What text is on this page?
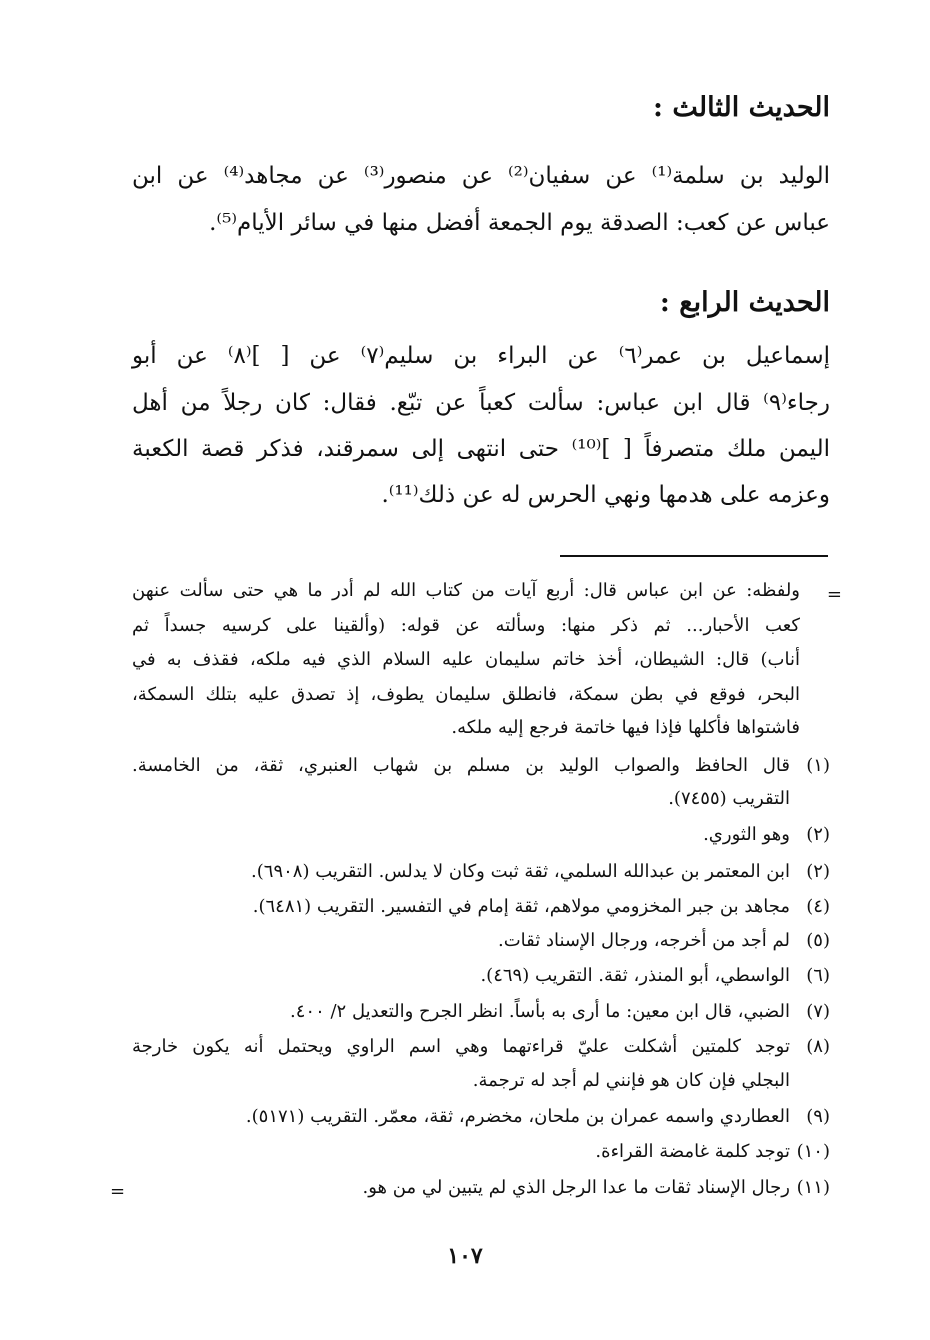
الحديث الثالث :
الوليد بن سلمة⁽¹⁾ عن سفيان⁽²⁾ عن منصور⁽³⁾ عن مجاهد⁽⁴⁾ عن ابن
عباس عن كعب: الصدقة يوم الجمعة أفضل منها في سائر الأيام⁽⁵⁾.
الحديث الرابع :
إسماعيل بن عمر⁽٦⁾ عن البراء بن سليم⁽٧⁾ عن [ ]⁽٨⁾ عن أبو
رجاء⁽٩⁾ قال ابن عباس: سألت كعباً عن تبّع. فقال: كان رجلاً من أهل
اليمن ملك متصرفاً [ ]⁽¹⁰⁾ حتى انتهى إلى سمرقند، فذكر قصة الكعبة
وعزمه على هدمها ونهي الحرس له عن ذلك⁽¹¹⁾.
=
ولفظه: عن ابن عباس قال: أربع آيات من كتاب الله لم أدر ما هي حتى سألت عنهن
كعب الأحبار... ثم ذكر منها: وسألته عن قوله: (وألقينا على كرسيه جسداً ثم
أناب) قال: الشيطان، أخذ خاتم سليمان عليه السلام الذي فيه ملكه، فقذف به في
البحر، فوقع في بطن سمكة، فانطلق سليمان يطوف، إذ تصدق عليه بتلك السمكة،
فاشتواها فأكلها فإذا فيها خاتمة فرجع إليه ملكه.
(١)
قال الحافظ والصواب الوليد بن مسلم بن شهاب العنبري، ثقة، من الخامسة.
التقريب (٧٤٥٥).
(٢)
وهو الثوري.
(٢)
ابن المعتمر بن عبدالله السلمي، ثقة ثبت وكان لا يدلس. التقريب (٦٩٠٨).
(٤)
مجاهد بن جبر المخزومي مولاهم، ثقة إمام في التفسير. التقريب (٦٤٨١).
(٥)
لم أجد من أخرجه، ورجال الإسناد ثقات.
(٦)
الواسطي، أبو المنذر، ثقة. التقريب (٤٦٩).
(٧)
الضبي، قال ابن معين: ما أرى به بأساً. انظر الجرح والتعديل ٢/ ٤٠٠.
(٨)
توجد كلمتين أشكلت عليّ قراءتهما وهي اسم الراوي ويحتمل أنه يكون خارجة
البجلي فإن كان هو فإنني لم أجد له ترجمة.
(٩)
العطاردي واسمه عمران بن ملحان، مخضرم، ثقة، معمّر. التقريب (٥١٧١).
(١٠)
توجد كلمة غامضة القراءة.
(١١)
رجال الإسناد ثقات ما عدا الرجل الذي لم يتبين لي من هو.
=
١٠٧
